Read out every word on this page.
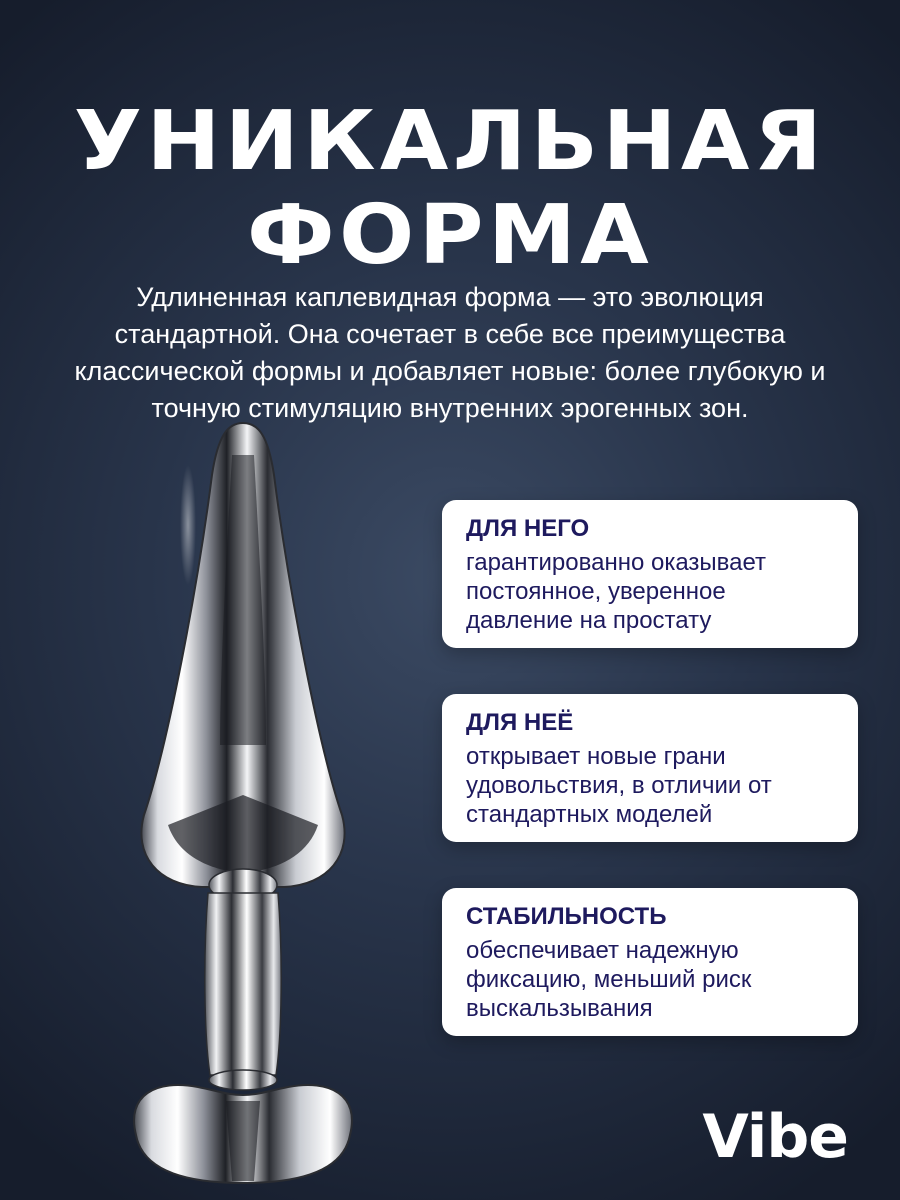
УНИКАЛЬНАЯ
ФОРМА

Удлиненная каплевидная форма — это эволюция стандартной. Она сочетает в себе все преимущества классической формы и добавляет новые: более глубокую и точную стимуляцию внутренних эрогенных зон.

ДЛЯ НЕГО
гарантированно оказывает постоянное, уверенное давление на простату
ДЛЯ НЕЁ
открывает новые грани удовольствия, в отличии от стандартных моделей
СТАБИЛЬНОСТЬ
обеспечивает надежную фиксацию, меньший риск выскальзывания
Vibe
